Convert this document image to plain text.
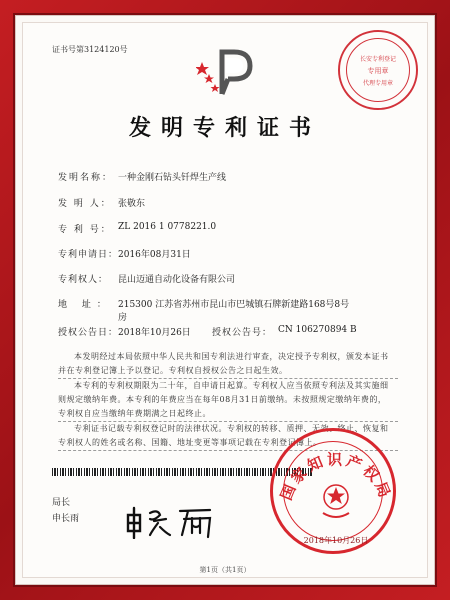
证书号第3124120号
长安专利登记
专用章
代理专用章
发明专利证书
发明名称： 一种金刚石钻头钎焊生产线
发 明 人： 张敬东
专 利 号： ZL 2016 1 0778221.0
专利申请日： 2016年08月31日
专利权人： 昆山迈通自动化设备有限公司
地 址： 215300 江苏省苏州市昆山市巴城镇石牌新建路168号8号
房
授权公告日： 2018年10月26日 授权公告号： CN 106270894 B
本发明经过本局依照中华人民共和国专利法进行审查，决定授予专利权，颁发本证书
并在专利登记簿上予以登记。专利权自授权公告之日起生效。
本专利的专利权期限为二十年，自申请日起算。专利权人应当依照专利法及其实施细
则规定缴纳年费。本专利的年费应当在每年08月31日前缴纳。未按照规定缴纳年费的，
专利权自应当缴纳年费期满之日起终止。
专利证书记载专利权登记时的法律状况。专利权的转移、质押、无效、终止、恢复和
专利权人的姓名或名称、国籍、地址变更等事项记载在专利登记簿上。
局长
申长雨
国家知识产权局
2018年10月26日
第1页（共1页）
